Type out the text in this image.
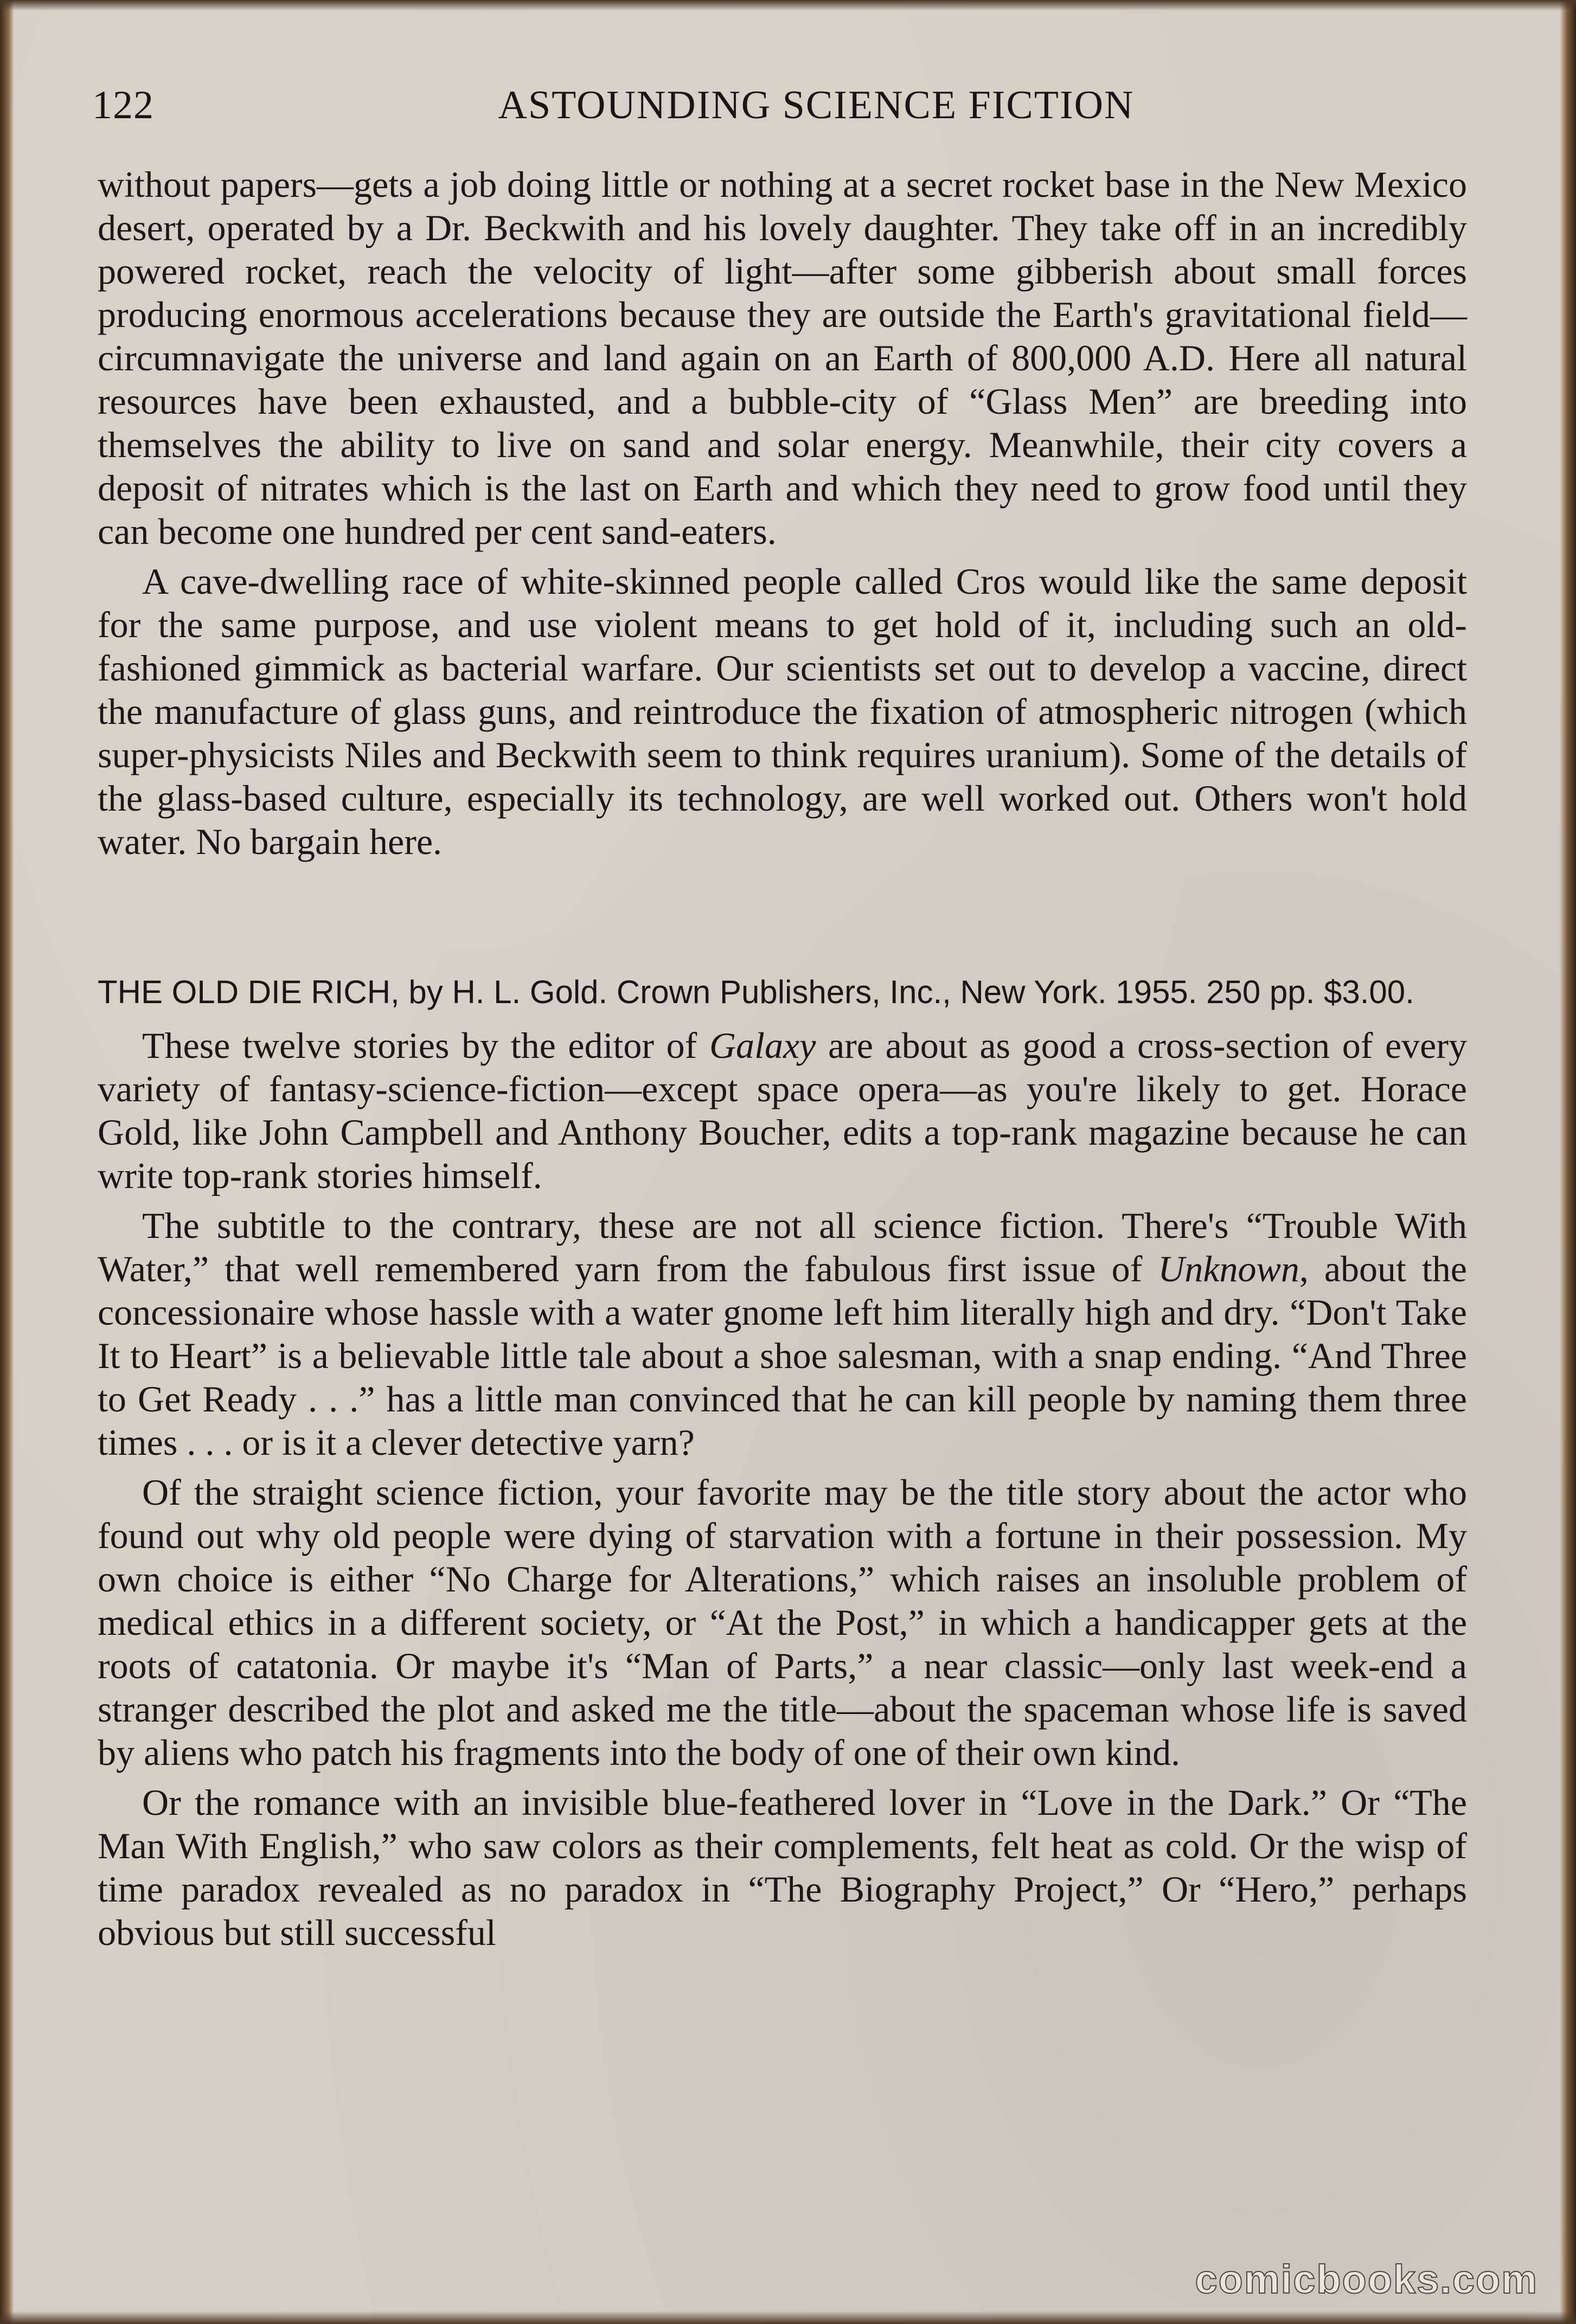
122	ASTOUNDING SCIENCE FICTION

without papers—gets a job doing little or nothing at a secret rocket base in the New Mexico desert, operated by a Dr. Beckwith and his lovely daughter. They take off in an incredibly powered rocket, reach the velocity of light—after some gibberish about small forces producing enormous accelerations because they are outside the Earth's gravitational field—circumnavigate the universe and land again on an Earth of 800,000 A.D. Here all natural resources have been exhausted, and a bubble-city of “Glass Men” are breeding into themselves the ability to live on sand and solar energy. Meanwhile, their city covers a deposit of nitrates which is the last on Earth and which they need to grow food until they can become one hundred per cent sand-eaters.

A cave-dwelling race of white-skinned people called Cros would like the same deposit for the same purpose, and use violent means to get hold of it, including such an old-fashioned gimmick as bacterial warfare. Our scientists set out to develop a vaccine, direct the manufacture of glass guns, and reintroduce the fixation of atmospheric nitrogen (which super-physicists Niles and Beckwith seem to think requires uranium). Some of the details of the glass-based culture, especially its technology, are well worked out. Others won't hold water. No bargain here.

THE OLD DIE RICH, by H. L. Gold. Crown Publishers, Inc., New York. 1955. 250 pp. $3.00.

These twelve stories by the editor of Galaxy are about as good a cross-section of every variety of fantasy-science-fiction—except space opera—as you're likely to get. Horace Gold, like John Campbell and Anthony Boucher, edits a top-rank magazine because he can write top-rank stories himself.

The subtitle to the contrary, these are not all science fiction. There's “Trouble With Water,” that well remembered yarn from the fabulous first issue of Unknown, about the concessionaire whose hassle with a water gnome left him literally high and dry. “Don't Take It to Heart” is a believable little tale about a shoe salesman, with a snap ending. “And Three to Get Ready . . .” has a little man convinced that he can kill people by naming them three times . . . or is it a clever detective yarn?

Of the straight science fiction, your favorite may be the title story about the actor who found out why old people were dying of starvation with a fortune in their possession. My own choice is either “No Charge for Alterations,” which raises an insoluble problem of medical ethics in a different society, or “At the Post,” in which a handicapper gets at the roots of catatonia. Or maybe it's “Man of Parts,” a near classic—only last week-end a stranger described the plot and asked me the title—about the spaceman whose life is saved by aliens who patch his fragments into the body of one of their own kind.

Or the romance with an invisible blue-feathered lover in “Love in the Dark.” Or “The Man With English,” who saw colors as their complements, felt heat as cold. Or the wisp of time paradox revealed as no paradox in “The Biography Project,” Or “Hero,” perhaps obvious but still successful

comicbooks.com
